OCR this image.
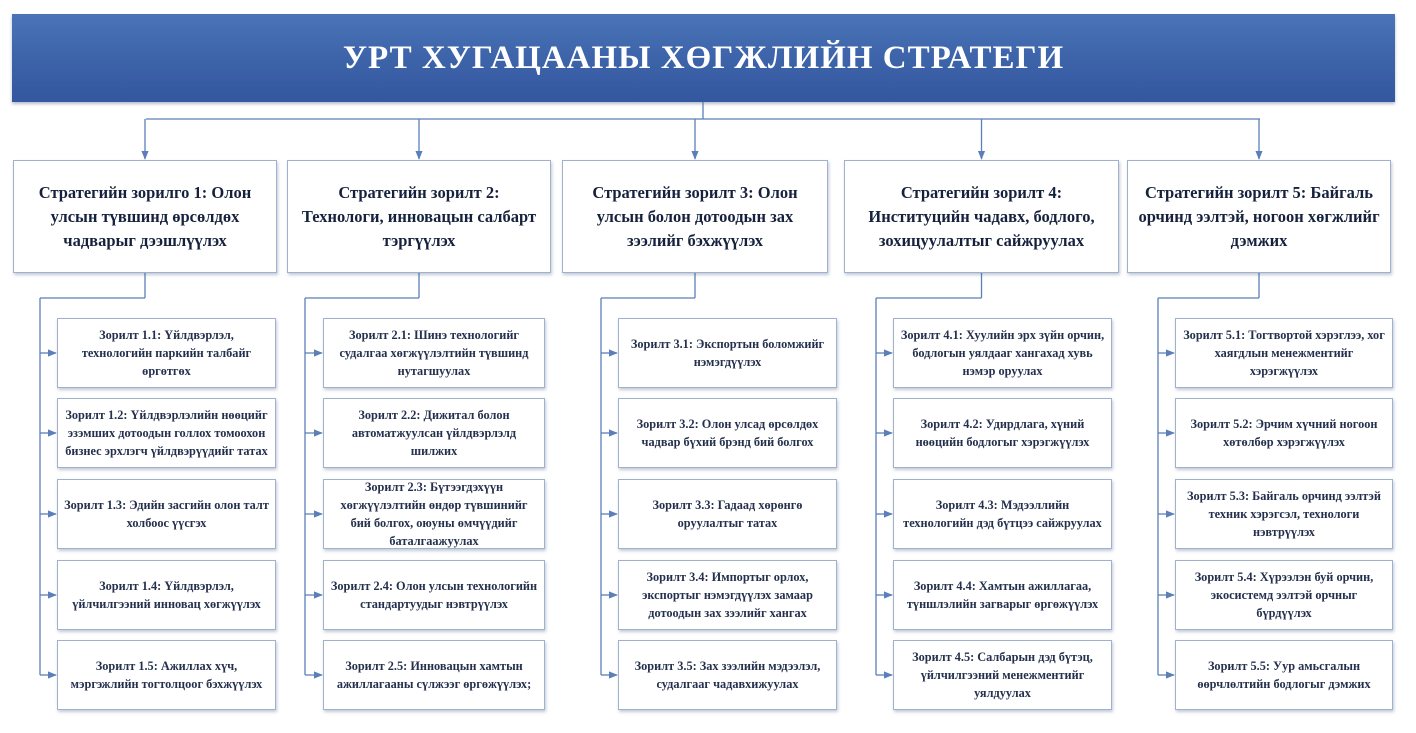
УРТ ХУГАЦААНЫ ХӨГЖЛИЙН СТРАТЕГИ
Стратегийн зорилго 1: Олон улсын түвшинд өрсөлдөх чадварыг дээшлүүлэх
Зорилт 1.1: Үйлдвэрлэл, технологийн паркийн талбайг өргөтгөх
Зорилт 1.2: Үйлдвэрлэлийн нөөцийг эзэмших дотоодын голлох томоохон бизнес эрхлэгч үйлдвэрүүдийг татах
Зорилт 1.3: Эдийн засгийн олон талт холбоос үүсгэх
Зорилт 1.4: Үйлдвэрлэл, үйлчилгээний инновац хөгжүүлэх
Зорилт 1.5: Ажиллах хүч, мэргэжлийн тогтолцоог бэхжүүлэх
Стратегийн зорилт 2: Технологи, инновацын салбарт тэргүүлэх
Зорилт 2.1: Шинэ технологийг судалгаа хөгжүүлэлтийн түвшинд нутагшуулах
Зорилт 2.2: Дижитал болон автоматжуулсан үйлдвэрлэлд шилжих
Зорилт 2.3: Бүтээгдэхүүн хөгжүүлэлтийн өндөр түвшинийг бий болгох, оюуны өмчүүдийг баталгаажуулах
Зорилт 2.4: Олон улсын технологийн стандартуудыг нэвтрүүлэх
Зорилт 2.5: Инновацын хамтын ажиллагааны сүлжээг өргөжүүлэх;
Стратегийн зорилт 3: Олон улсын болон дотоодын зах зээлийг бэхжүүлэх
Зорилт 3.1: Экспортын боломжийг нэмэгдүүлэх
Зорилт 3.2: Олон улсад өрсөлдөх чадвар бүхий брэнд бий болгох
Зорилт 3.3: Гадаад хөрөнгө оруулалтыг татах
Зорилт 3.4: Импортыг орлох, экспортыг нэмэгдүүлэх замаар дотоодын зах зээлийг хангах
Зорилт 3.5: Зах зээлийн мэдээлэл, судалгааг чадавхижуулах
Стратегийн зорилт 4: Институцийн чадавх, бодлого, зохицуулалтыг сайжруулах
Зорилт 4.1: Хуулийн эрх зүйн орчин, бодлогын уялдааг хангахад хувь нэмэр оруулах
Зорилт 4.2: Удирдлага, хүний нөөцийн бодлогыг хэрэгжүүлэх
Зорилт 4.3: Мэдээллийн технологийн дэд бүтцээ сайжруулах
Зорилт 4.4: Хамтын ажиллагаа, түншлэлийн загварыг өргөжүүлэх
Зорилт 4.5: Салбарын дэд бүтэц, үйлчилгээний менежментийг уялдуулах
Стратегийн зорилт 5: Байгаль орчинд ээлтэй, ногоон хөгжлийг дэмжих
Зорилт 5.1: Тогтвортой хэрэглээ, хог хаягдлын менежментийг хэрэгжүүлэх
Зорилт 5.2: Эрчим хүчний ногоон хөтөлбөр хэрэгжүүлэх
Зорилт 5.3: Байгаль орчинд ээлтэй техник хэрэгсэл, технологи нэвтрүүлэх
Зорилт 5.4: Хүрээлэн буй орчин, экосистемд ээлтэй орчныг бүрдүүлэх
Зорилт 5.5: Уур амьсгалын өөрчлөлтийн бодлогыг дэмжих
